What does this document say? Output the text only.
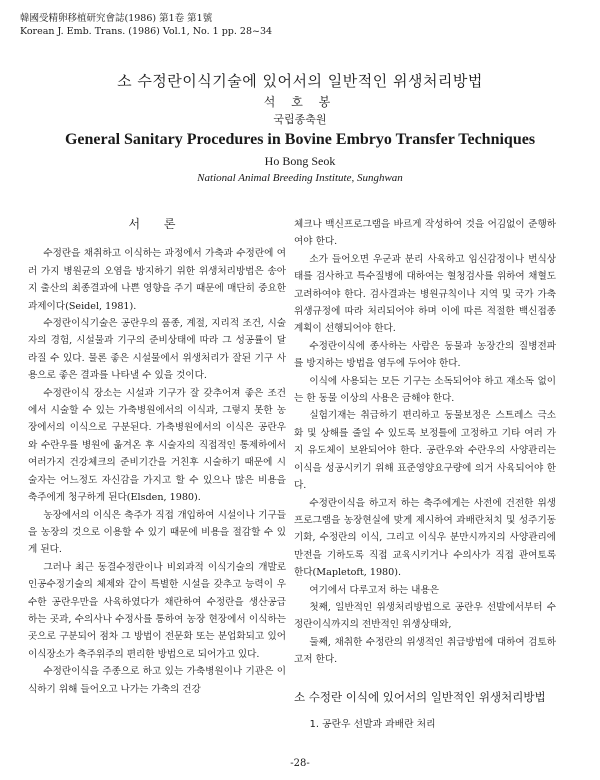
韓國受精卵移植研究會誌(1986) 第1卷 第1號
Korean J. Emb. Trans. (1986) Vol.1, No. 1 pp. 28~34
소 수정란이식기술에 있어서의 일반적인 위생처리방법
석 호 봉
국립종축원
General Sanitary Procedures in Bovine Embryo Transfer Techniques
Ho Bong Seok
National Animal Breeding Institute, Sunghwan

서 론

수정란을 채취하고 이식하는 과정에서 가축과 수정란에 여러 가지 병원균의 오염을 방지하기 위한 위생처리방법은 송아지 출산의 최종결과에 나쁜 영향을 주기 때문에 매단히 중요한 과제이다(Seidel, 1981).

수정란이식기술은 공란우의 품종, 계절, 지리적 조건, 시술자의 경험, 시설물과 기구의 준비상태에 따라 그 성공률이 달라질 수 있다. 물론 좋은 시설물에서 위생처리가 잘된 기구 사용으로 좋은 결과를 나타낼 수 있을 것이다.

수정란이식 장소는 시설과 기구가 잘 갖추어져 좋은 조건에서 시술할 수 있는 가축병원에서의 이식과, 그렇지 못한 농장에서의 이식으로 구분된다. 가축병원에서의 이식은 공란우와 수란우를 병원에 옮겨온 후 시술자의 직접적인 통제하에서 여러가지 건강체크의 준비기간을 거친후 시술하기 때문에 시술자는 어느정도 자신감을 가지고 할 수 있으나 많은 비용을 축주에게 청구하게 된다(Elsden, 1980).

농장에서의 이식은 축주가 직접 개입하여 시설이나 기구들을 농장의 것으로 이용할 수 있기 때문에 비용을 절감할 수 있게 된다.

그러나 최근 동결수정란이나 비외과적 이식기술의 개발로 인공수정기술의 체제와 같이 특별한 시설을 갖추고 능력이 우수한 공란우만을 사육하였다가 채란하여 수정란을 생산공급 하는 곳과, 수의사나 수정사를 통하여 농장 현장에서 이식하는 곳으로 구분되어 점차 그 방법이 전문화 또는 분업화되고 있어 이식장소가 축주위주의 편리한 방법으로 되어가고 있다.

수정란이식을 주종으로 하고 있는 가축병원이나 기관은 이식하기 위해 들어오고 나가는 가축의 건강

체크나 백신프로그램을 바르게 작성하여 것을 어김없이 준행하여야 한다.

소가 들어오면 우군과 분리 사육하고 임신감정이나 번식상태를 검사하고 특수질병에 대하여는 혈청검사를 위하여 채혈도 고려하여야 한다. 검사결과는 병원규칙이나 지역 및 국가 가축위생규정에 따라 처리되어야 하며 이에 따른 적절한 백신접종계획이 선행되어야 한다.

수정란이식에 종사하는 사람은 동물과 농장간의 질병전파를 방지하는 방법을 염두에 두어야 한다.

이식에 사용되는 모든 기구는 소독되어야 하고 재소독 없이는 한 동물 이상의 사용은 금해야 한다.

실험기재는 취급하기 편리하고 동물보정은 스트레스 극소화 및 상해를 줄일 수 있도록 보정틀에 고정하고 기타 여러 가지 유도체이 보완되어야 한다. 공란우와 수란우의 사양관리는 이식을 성공시키기 위해 표준영양요구량에 의거 사육되어야 한다.

수정란이식을 하고저 하는 축주에게는 사전에 건전한 위생프로그램을 농장현실에 맞게 제시하여 과배란처치 및 성주기동기화, 수정란의 이식, 그리고 이식우 분만시까지의 사양관리에 만전을 기하도록 직접 교육시키거나 수의사가 직접 관여토록 한다(Mapletoft, 1980).

여기에서 다루고저 하는 내용은

첫째, 일반적인 위생처리방법으로 공란우 선발에서부터 수정란이식까지의 전반적인 위생상태와,

둘째, 채취한 수정란의 위생적인 취급방법에 대하여 검토하고저 한다.

소 수정란 이식에 있어서의 일반적인 위생처리방법

1. 공란우 선발과 과배란 처리

-28-
